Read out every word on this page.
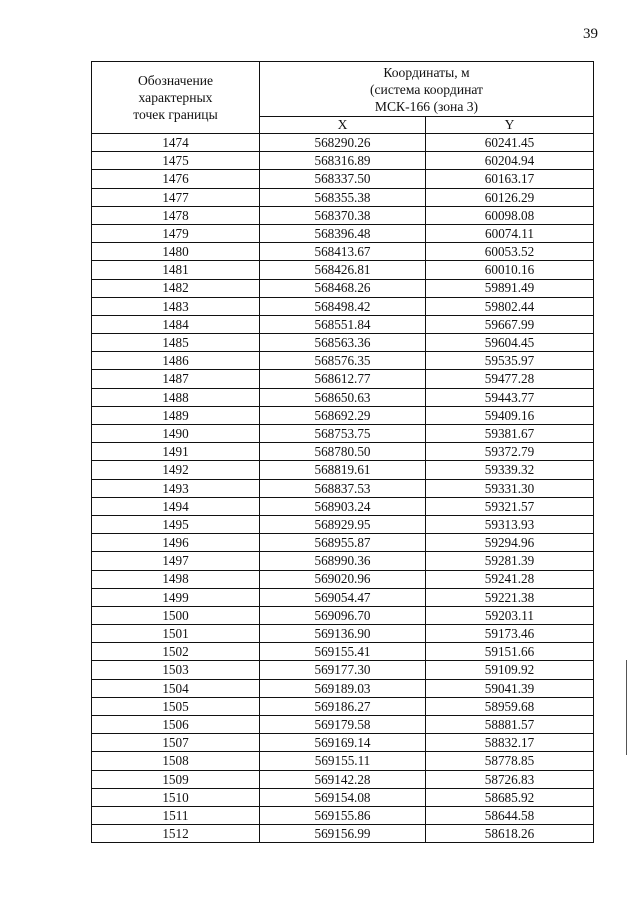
39
Обозначение
характерных
точек границы	Координаты, м
(система координат
МСК-166 (зона 3)	

	X	Y
1474	568290.26	60241.45
1475	568316.89	60204.94
1476	568337.50	60163.17
1477	568355.38	60126.29
1478	568370.38	60098.08
1479	568396.48	60074.11
1480	568413.67	60053.52
1481	568426.81	60010.16
1482	568468.26	59891.49
1483	568498.42	59802.44
1484	568551.84	59667.99
1485	568563.36	59604.45
1486	568576.35	59535.97
1487	568612.77	59477.28
1488	568650.63	59443.77
1489	568692.29	59409.16
1490	568753.75	59381.67
1491	568780.50	59372.79
1492	568819.61	59339.32
1493	568837.53	59331.30
1494	568903.24	59321.57
1495	568929.95	59313.93
1496	568955.87	59294.96
1497	568990.36	59281.39
1498	569020.96	59241.28
1499	569054.47	59221.38
1500	569096.70	59203.11
1501	569136.90	59173.46
1502	569155.41	59151.66
1503	569177.30	59109.92
1504	569189.03	59041.39
1505	569186.27	58959.68
1506	569179.58	58881.57
1507	569169.14	58832.17
1508	569155.11	58778.85
1509	569142.28	58726.83
1510	569154.08	58685.92
1511	569155.86	58644.58
1512	569156.99	58618.26
